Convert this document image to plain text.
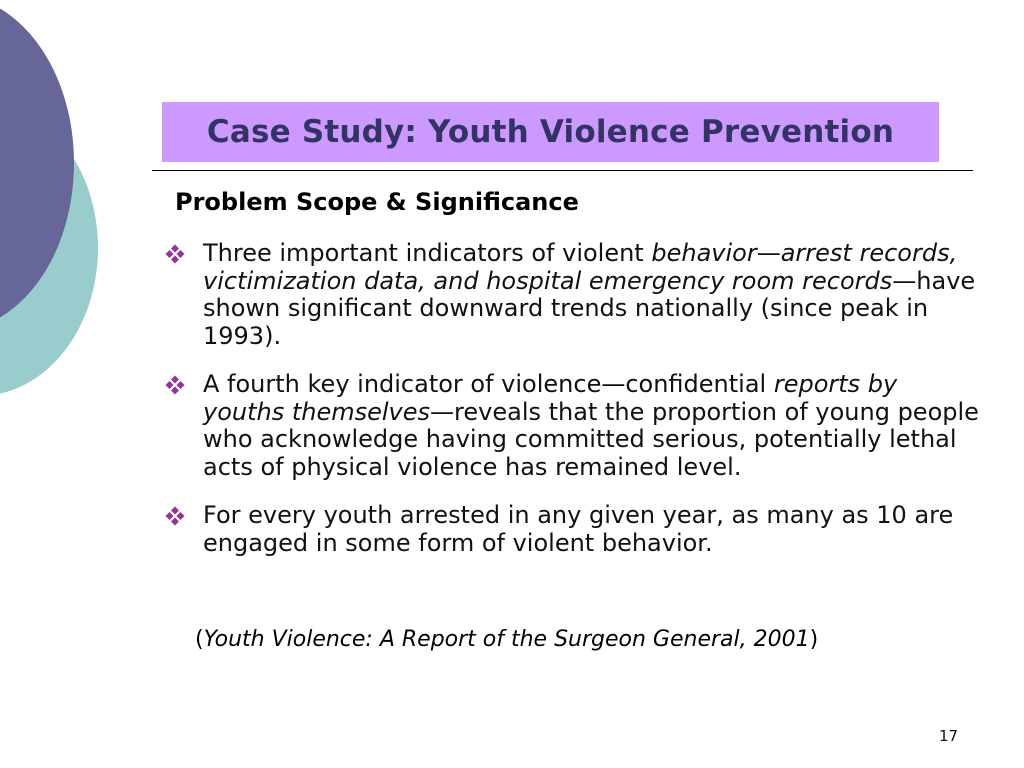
Case Study: Youth Violence Prevention
Problem Scope & Significance
Three important indicators of violent behavior—arrest records, victimization data, and hospital emergency room records—have shown significant downward trends nationally (since peak in 1993).
A fourth key indicator of violence—confidential reports by youths themselves—reveals that the proportion of young people who acknowledge having committed serious, potentially lethal acts of physical violence has remained level.
For every youth arrested in any given year, as many as 10 are engaged in some form of violent behavior.
(Youth Violence: A Report of the Surgeon General, 2001)
17
